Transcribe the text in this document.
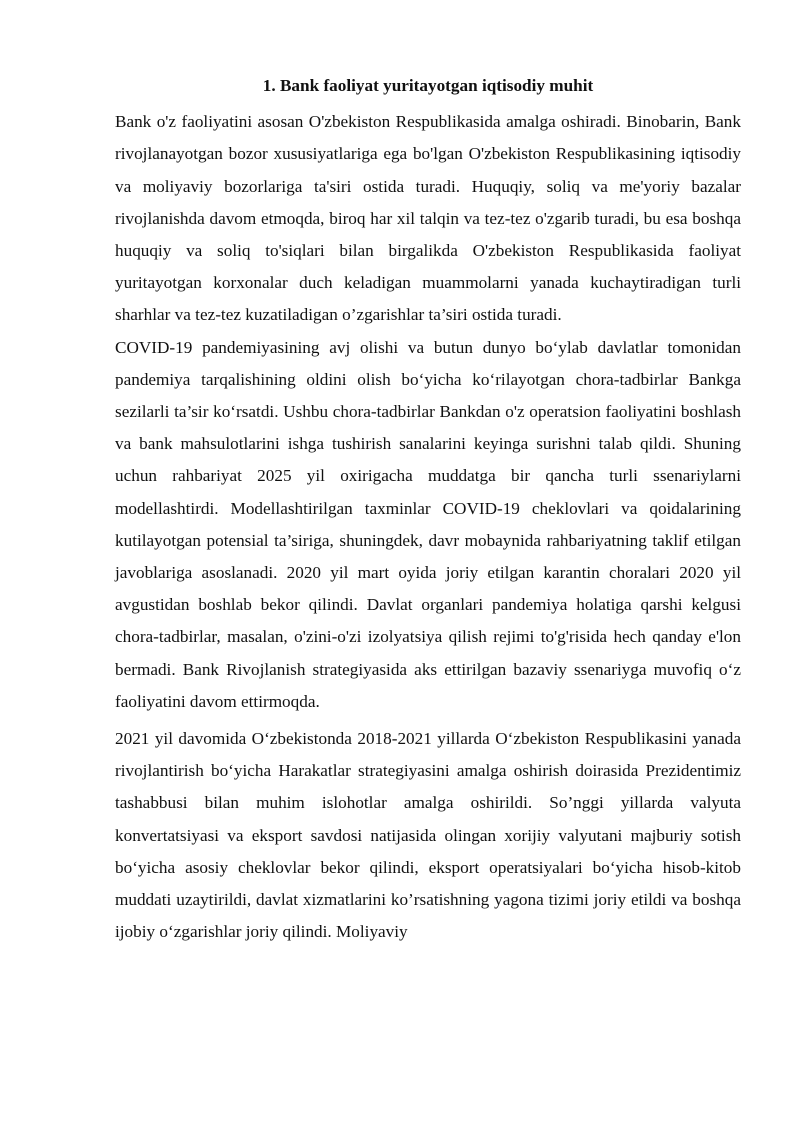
1. Bank faoliyat yuritayotgan iqtisodiy muhit

Bank o'z faoliyatini asosan O'zbekiston Respublikasida amalga oshiradi. Binobarin, Bank rivojlanayotgan bozor xususiyatlariga ega bo'lgan O'zbekiston Respublikasining iqtisodiy va moliyaviy bozorlariga ta'siri ostida turadi. Huquqiy, soliq va me'yoriy bazalar rivojlanishda davom etmoqda, biroq har xil talqin va tez-tez o'zgarib turadi, bu esa boshqa huquqiy va soliq to'siqlari bilan birgalikda O'zbekiston Respublikasida faoliyat yuritayotgan korxonalar duch keladigan muammolarni yanada kuchaytiradigan turli sharhlar va tez-tez kuzatiladigan o’zgarishlar ta’siri ostida turadi.

COVID-19 pandemiyasining avj olishi va butun dunyo bo‘ylab davlatlar tomonidan pandemiya tarqalishining oldini olish bo‘yicha ko‘rilayotgan chora-tadbirlar Bankga sezilarli ta’sir ko‘rsatdi. Ushbu chora-tadbirlar Bankdan o'z operatsion faoliyatini boshlash va bank mahsulotlarini ishga tushirish sanalarini keyinga surishni talab qildi. Shuning uchun rahbariyat 2025 yil oxirigacha muddatga bir qancha turli ssenariylarni modellashtirdi. Modellashtirilgan taxminlar COVID-19 cheklovlari va qoidalarining kutilayotgan potensial ta’siriga, shuningdek, davr mobaynida rahbariyatning taklif etilgan javoblariga asoslanadi. 2020 yil mart oyida joriy etilgan karantin choralari 2020 yil avgustidan boshlab bekor qilindi. Davlat organlari pandemiya holatiga qarshi kelgusi chora-tadbirlar, masalan, o'zini-o'zi izolyatsiya qilish rejimi to'g'risida hech qanday e'lon bermadi. Bank Rivojlanish strategiyasida aks ettirilgan bazaviy ssenariyga muvofiq o‘z faoliyatini davom ettirmoqda.

2021 yil davomida O‘zbekistonda 2018-2021 yillarda O‘zbekiston Respublikasini yanada rivojlantirish bo‘yicha Harakatlar strategiyasini amalga oshirish doirasida Prezidentimiz tashabbusi bilan muhim islohotlar amalga oshirildi. So’nggi yillarda valyuta konvertatsiyasi va eksport savdosi natijasida olingan xorijiy valyutani majburiy sotish bo‘yicha asosiy cheklovlar bekor qilindi, eksport operatsiyalari bo‘yicha hisob-kitob muddati uzaytirildi, davlat xizmatlarini ko’rsatishning yagona tizimi joriy etildi va boshqa ijobiy o‘zgarishlar joriy qilindi. Moliyaviy
